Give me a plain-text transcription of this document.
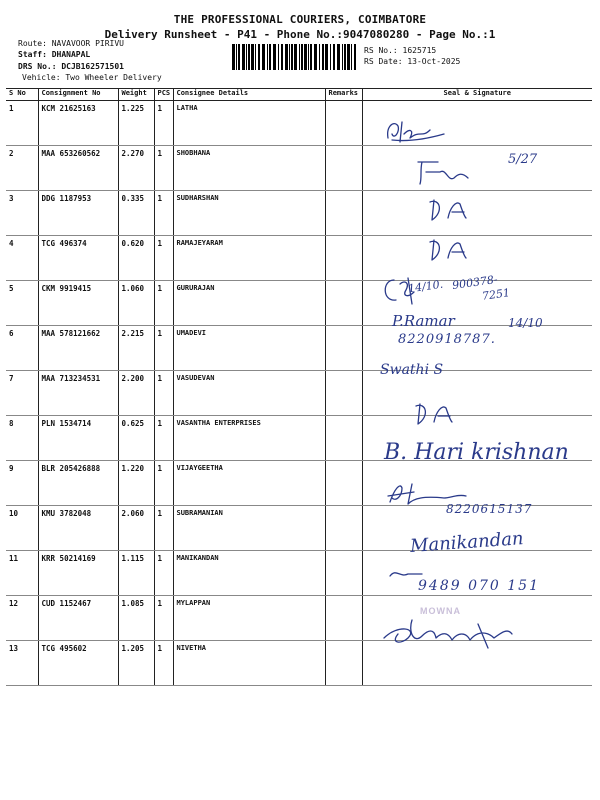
THE PROFESSIONAL COURIERS, COIMBATORE
Delivery Runsheet - P41 - Phone No.:9047080280 - Page No.:1
Route: NAVAVOOR PIRIVU
Staff: DHANAPAL
DRS No.: DCJB162571501
Vehicle: Two Wheeler Delivery
RS No.: 1625715
RS Date: 13-Oct-2025
S No	Consignment No	Weight	PCS	Consignee Details	Remarks	Seal & Signature
1	KCM 21625163	1.225	1	LATHA		
2	MAA 653260562	2.270	1	SHOBHANA		
3	DDG 1187953	0.335	1	SUDHARSHAN		
4	TCG 496374	0.620	1	RAMAJEYARAM		
5	CKM 9919415	1.060	1	GURURAJAN		
6	MAA 578121662	2.215	1	UMADEVI		
7	MAA 713234531	2.200	1	VASUDEVAN		
8	PLN 1534714	0.625	1	VASANTHA ENTERPRISES		
9	BLR 205426888	1.220	1	VIJAYGEETHA		
10	KMU 3782048	2.060	1	SUBRAMANIAN		
11	KRR 50214169	1.115	1	MANIKANDAN		
12	CUD 1152467	1.085	1	MYLAPPAN		
13	TCG 495602	1.205	1	NIVETHA		
5/27
14/10. 900378-
7251
P.Ramar	14/10
8220918787.
Swathi S
B. Hari krishnan
8220615137
Manikandan
9489 070 151
MOWNA
